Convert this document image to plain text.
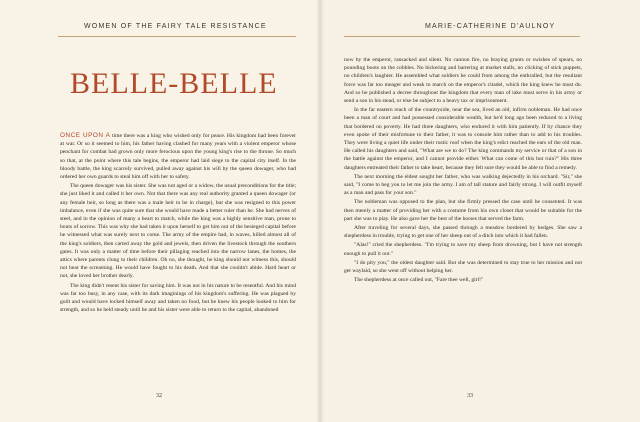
WOMEN OF THE FAIRY TALE RESISTANCE
BELLE-BELLE

ONCE UPON A time there was a king who wished only for peace. His kingdom had been forever at war. Or so it seemed to him, his father having clashed for many years with a violent emperor whose penchant for combat had grown only more ferocious upon the young king's rise to the throne. So much so that, at the point where this tale begins, the emperor had laid siege to the capital city itself. In the bloody battle, the king scarcely survived, pulled away against his will by the queen dowager, who had ordered her own guards to steal him off with her to safety.

The queen dowager was his sister. She was not aged or a widow, the usual preconditions for the title; she just liked it and called it her own. Not that there was any real authority granted a queen dowager (or any female heir, so long as there was a male heir to be in charge), but she was resigned to this power imbalance, even if she was quite sure that she would have made a better ruler than he. She had nerves of steel, and in the opinion of many a heart to match, while the king was a highly sensitive man, prone to bouts of sorrow. This was why she had taken it upon herself to get him out of the besieged capital before he witnessed what was surely next to come. The army of the empire had, in waves, killed almost all of the king's soldiers, then carted away the gold and jewels, then driven the livestock through the southern gates. It was only a matter of time before their pillaging reached into the narrow lanes, the homes, the attics where parents clung to their children. Oh no, she thought, he king should not witness this, should not hear the screaming. He would have fought to his death. And that she couldn't abide. Hard heart or not, she loved her brother dearly.

The king didn't resent his sister for saving him. It was not in his nature to be resentful. And his mind was far too busy, in any case, with its dark imaginings of his kingdom's suffering. He was plagued by guilt and would have locked himself away and taken no food, but he knew his people looked to him for strength, and so he held steady until he and his sister were able to return to the capital, abandoned

32	33
MARIE-CATHERINE D'AULNOY

now by the emperor, ransacked and silent. No cannon fire, no braying grunts or swishes of spears, no pounding boots on the cobbles. No bickering and bartering at market stalls, no clicking of stick puppets, no children's laughter. He assembled what soldiers he could from among the enthralled, but the resultant force was far too meager and weak to march on the emperor's citadel, which the king knew he must do. And so he published a decree throughout the kingdom that every man of take must serve in his army or send a son in his stead, or else be subject to a heavy tax or imprisonment.

In the far eastern reach of the countryside, near the sea, lived an old, infirm nobleman. He had once been a man of court and had possessed considerable wealth, but he'd long ago been reduced to a living that bordered on poverty. He had three daughters, who endured it with him patiently. If by chance they even spoke of their misfortune to their father, it was to console him rather than to add to his troubles. They were living a quiet life under their rustic roof when the king's edict reached the ears of the old man. He called his daughters and said, "What are we to do? The king commands my service or that of a son in the battle against the emperor, and I cannot provide either. What can come of this but ruin?" His three daughters entreated their father to take heart, because they felt sure they would be able to find a remedy.

The next morning the eldest sought her father, who was walking dejectedly in his orchard. "Sir," she said, "I come to beg you to let me join the army. I am of tall stature and fairly strong. I will outfit myself as a man and pass for your son."

The nobleman was opposed to the plan, but she firmly pressed the case until he consented. It was then merely a matter of providing her with a costume from his own closet that would be suitable for the part she was to play. He also gave her the best of the horses that served the farm.

After traveling for several days, she passed through a meadow bordered by hedges. She saw a shepherdess in trouble, trying to get one of her sheep out of a ditch into which it had fallen.

"Alas!" cried the shepherdess. "I'm trying to save my sheep from drowning, but I have not strength enough to pull it out."

"I do pity you," the oldest daughter said. But she was determined to stay true to her mission and not get waylaid, so she went off without helping her.

The shepherdess at once called out, "Fare thee well, girl!"
